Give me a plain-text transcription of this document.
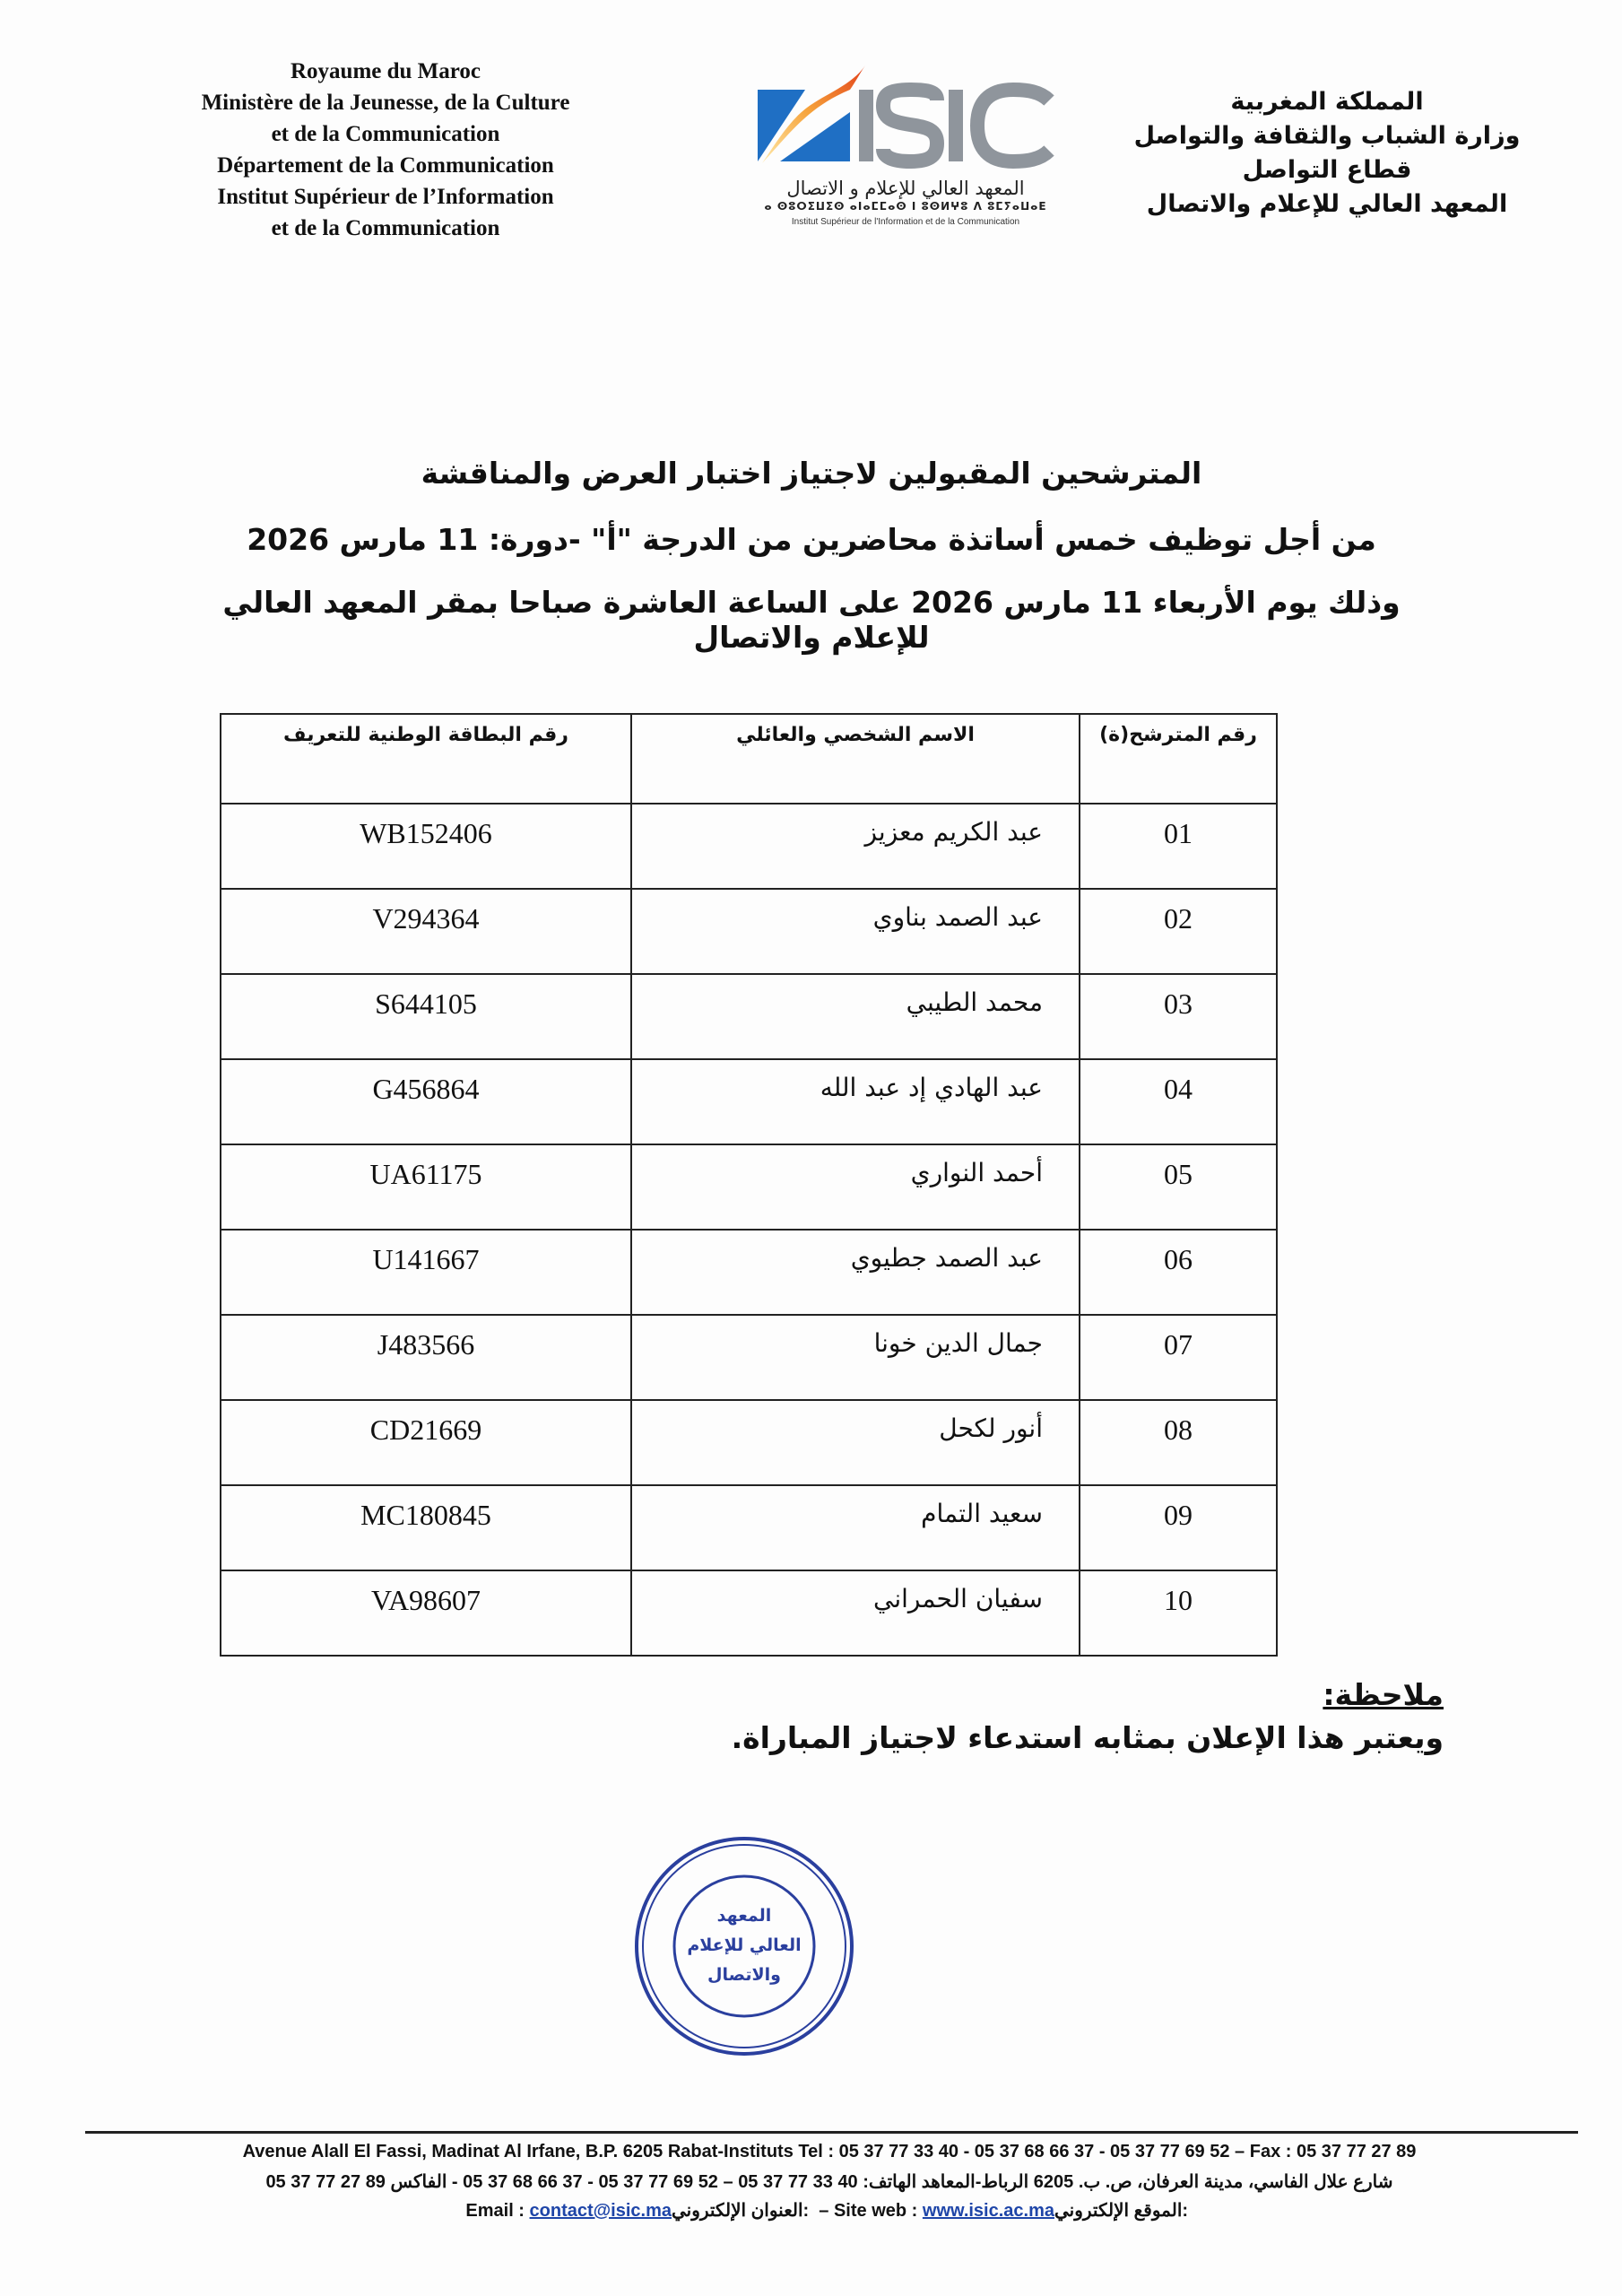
Royaume du Maroc
Ministère de la Jeunesse, de la Culture
et de la Communication
Département de la Communication
Institut Supérieur de l’Information
et de la Communication
المعهد العالي للإعلام و الاتصال
ⴰ ⵙⵓⵔⵉⵡⵉⵙ ⴰⵏⴰⵎⵎⴰⵙ ⵏ ⵓⵙⵍⵖⵓ ⴷ ⵓⵎⵢⴰⵡⴰⴹ
Institut Supérieur de l'Information et de la Communication
المملكة المغربية
وزارة الشباب والثقافة والتواصل
قطاع التواصل
المعهد العالي للإعلام والاتصال
المترشحين المقبولين لاجتياز اختبار العرض والمناقشة
من أجل توظيف خمس أساتذة محاضرين من الدرجة "أ" -دورة: 11 مارس 2026
وذلك يوم الأربعاء 11 مارس 2026 على الساعة العاشرة صباحا بمقر المعهد العالي للإعلام والاتصال
رقم المترشح(ة)	الاسم الشخصي والعائلي	رقم البطاقة الوطنية للتعريف
01	عبد الكريم معزيز	WB152406
02	عبد الصمد بناوي	V294364
03	محمد الطيبي	S644105
04	عبد الهادي إد عبد الله	G456864
05	أحمد النواري	UA61175
06	عبد الصمد جطيوي	U141667
07	جمال الدين خونا	J483566
08	أنور لكحل	CD21669
09	سعيد التمام	MC180845
10	سفيان الحمراني	VA98607
ملاحظة:
ويعتبر هذا الإعلان بمثابه استدعاء لاجتياز المباراة.
المعهد
العالي للإعلام
والاتصال
Avenue Alall El Fassi, Madinat Al Irfane, B.P. 6205 Rabat-Instituts Tel : 05 37 77 33 40 - 05 37 68 66 37 - 05 37 77 69 52 – Fax : 05 37 77 27 89
شارع علال الفاسي، مدينة العرفان، ص. ب. 6205 الرباط-المعاهد الهاتف: 40 33 77 37 05 – 52 69 77 37 05 - 37 66 68 37 05 - الفاكس 89 27 77 37 05
Email : contact@isic.ma :العنوان الإلكتروني – Site web : www.isic.ac.ma :الموقع الإلكتروني
